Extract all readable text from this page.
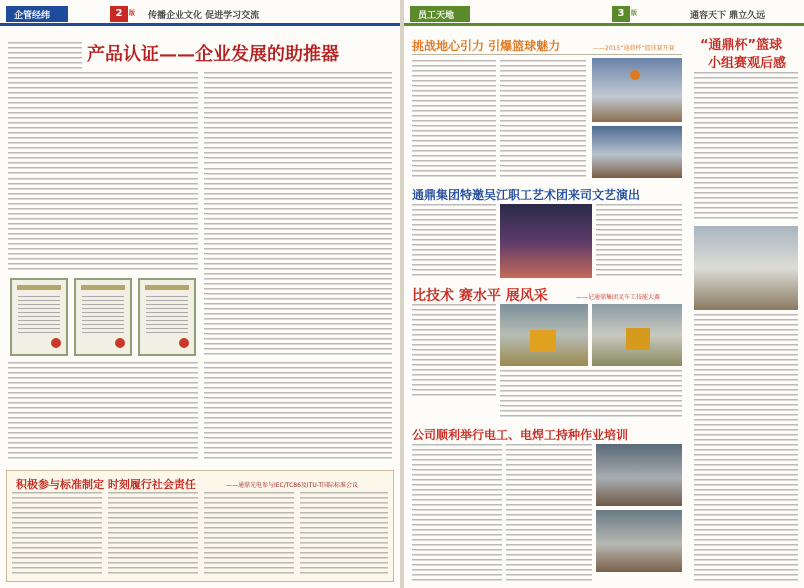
企管经纬	2	版 传播企业文化 促进学习交流
产品认证——企业发展的助推器
积极参与标准制定 时刻履行社会责任	——通鼎光电参与IEC/TC86及ITU-T国际标准会议
员工天地	3	版	通容天下 鼎立久远
挑战地心引力 引爆篮球魅力	——2015“通鼎杯”篮球赛开赛 “通鼎杯”篮球
小组赛观后感
通鼎集团特邀吴江职工艺术团来司文艺演出
比技术 赛水平 展风采	——记通鼎集团叉车工技能大赛
公司顺利举行电工、电焊工持种作业培训
